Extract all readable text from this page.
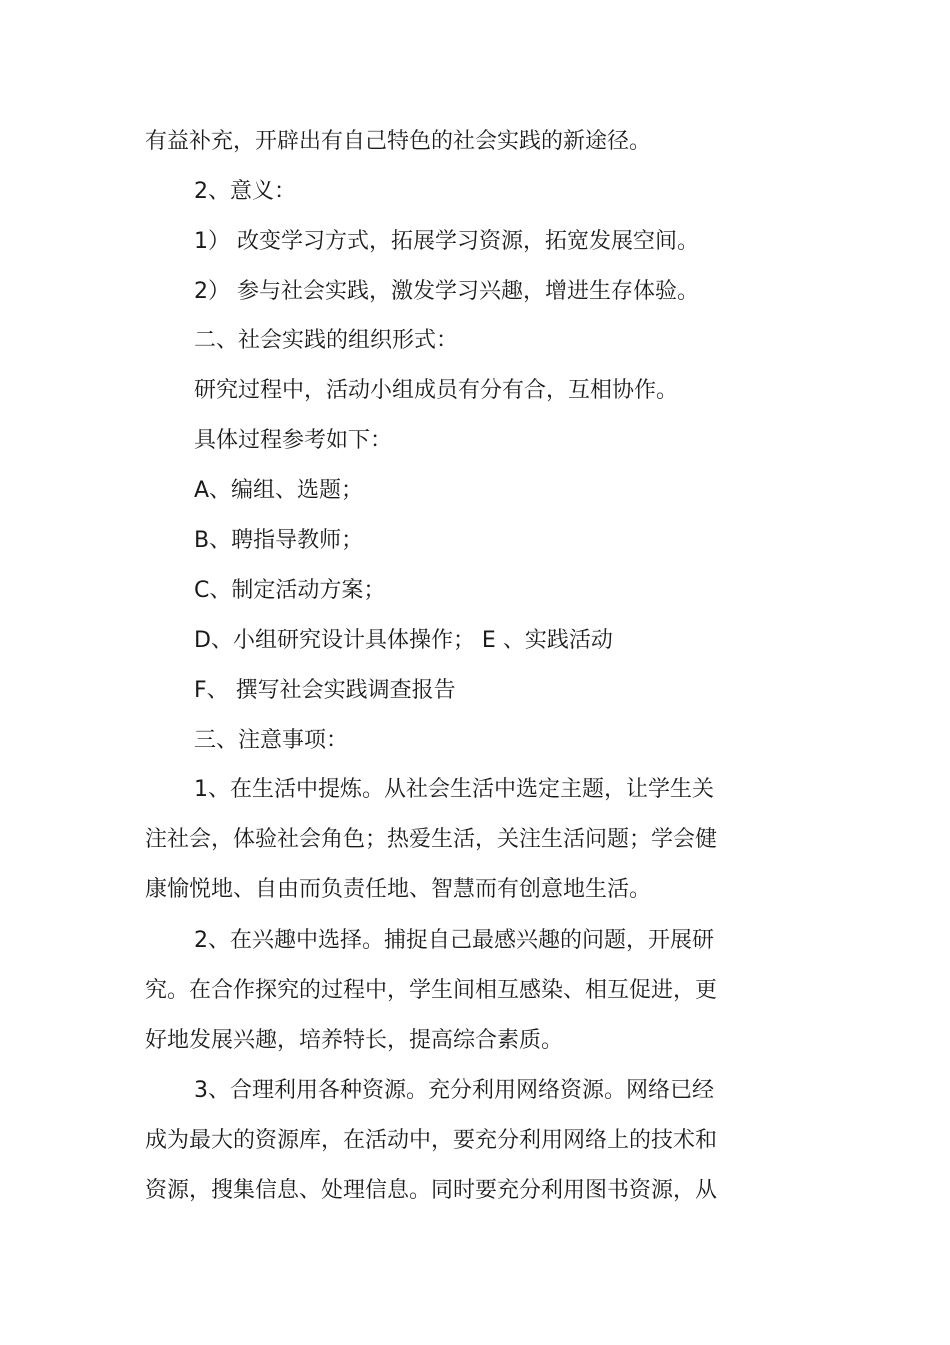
有益补充，开辟出有自己特色的社会实践的新途径。
2、意义：
1） 改变学习方式，拓展学习资源，拓宽发展空间。
2） 参与社会实践，激发学习兴趣，增进生存体验。
二、社会实践的组织形式：
研究过程中，活动小组成员有分有合，互相协作。
具体过程参考如下：
A、编组、选题；
B、聘指导教师；
C、制定活动方案；
D、小组研究设计具体操作； E 、实践活动
F、 撰写社会实践调查报告
三、注意事项：
1、在生活中提炼。从社会生活中选定主题，让学生关
注社会，体验社会角色；热爱生活，关注生活问题；学会健
康愉悦地、自由而负责任地、智慧而有创意地生活。
2、在兴趣中选择。捕捉自己最感兴趣的问题，开展研
究。在合作探究的过程中，学生间相互感染、相互促进，更
好地发展兴趣，培养特长，提高综合素质。
3、合理利用各种资源。充分利用网络资源。网络已经
成为最大的资源库，在活动中，要充分利用网络上的技术和
资源，搜集信息、处理信息。同时要充分利用图书资源，从
